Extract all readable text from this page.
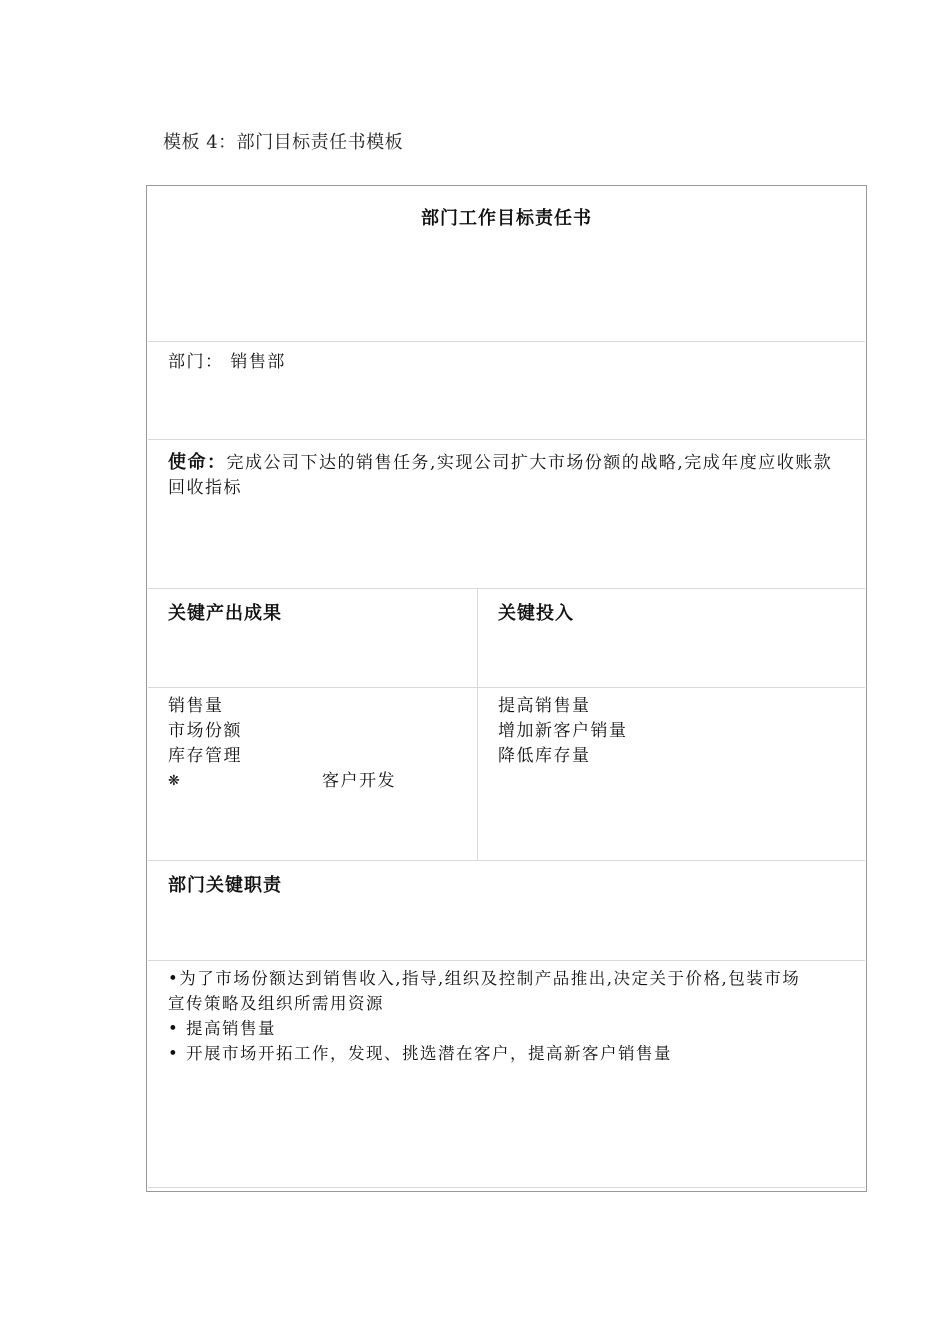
模板 4：部门目标责任书模板
部门工作目标责任书
部门： 销售部
使命：完成公司下达的销售任务,实现公司扩大市场份额的战略,完成年度应收账款
回收指标
关键产出成果	关键投入
销售量
市场份额
库存管理
❋	客户开发
提高销售量
增加新客户销量
降低库存量
部门关键职责
•为了市场份额达到销售收入,指导,组织及控制产品推出,决定关于价格,包装市场
宣传策略及组织所需用资源
• 提高销售量
• 开展市场开拓工作，发现、挑选潜在客户，提高新客户销售量
